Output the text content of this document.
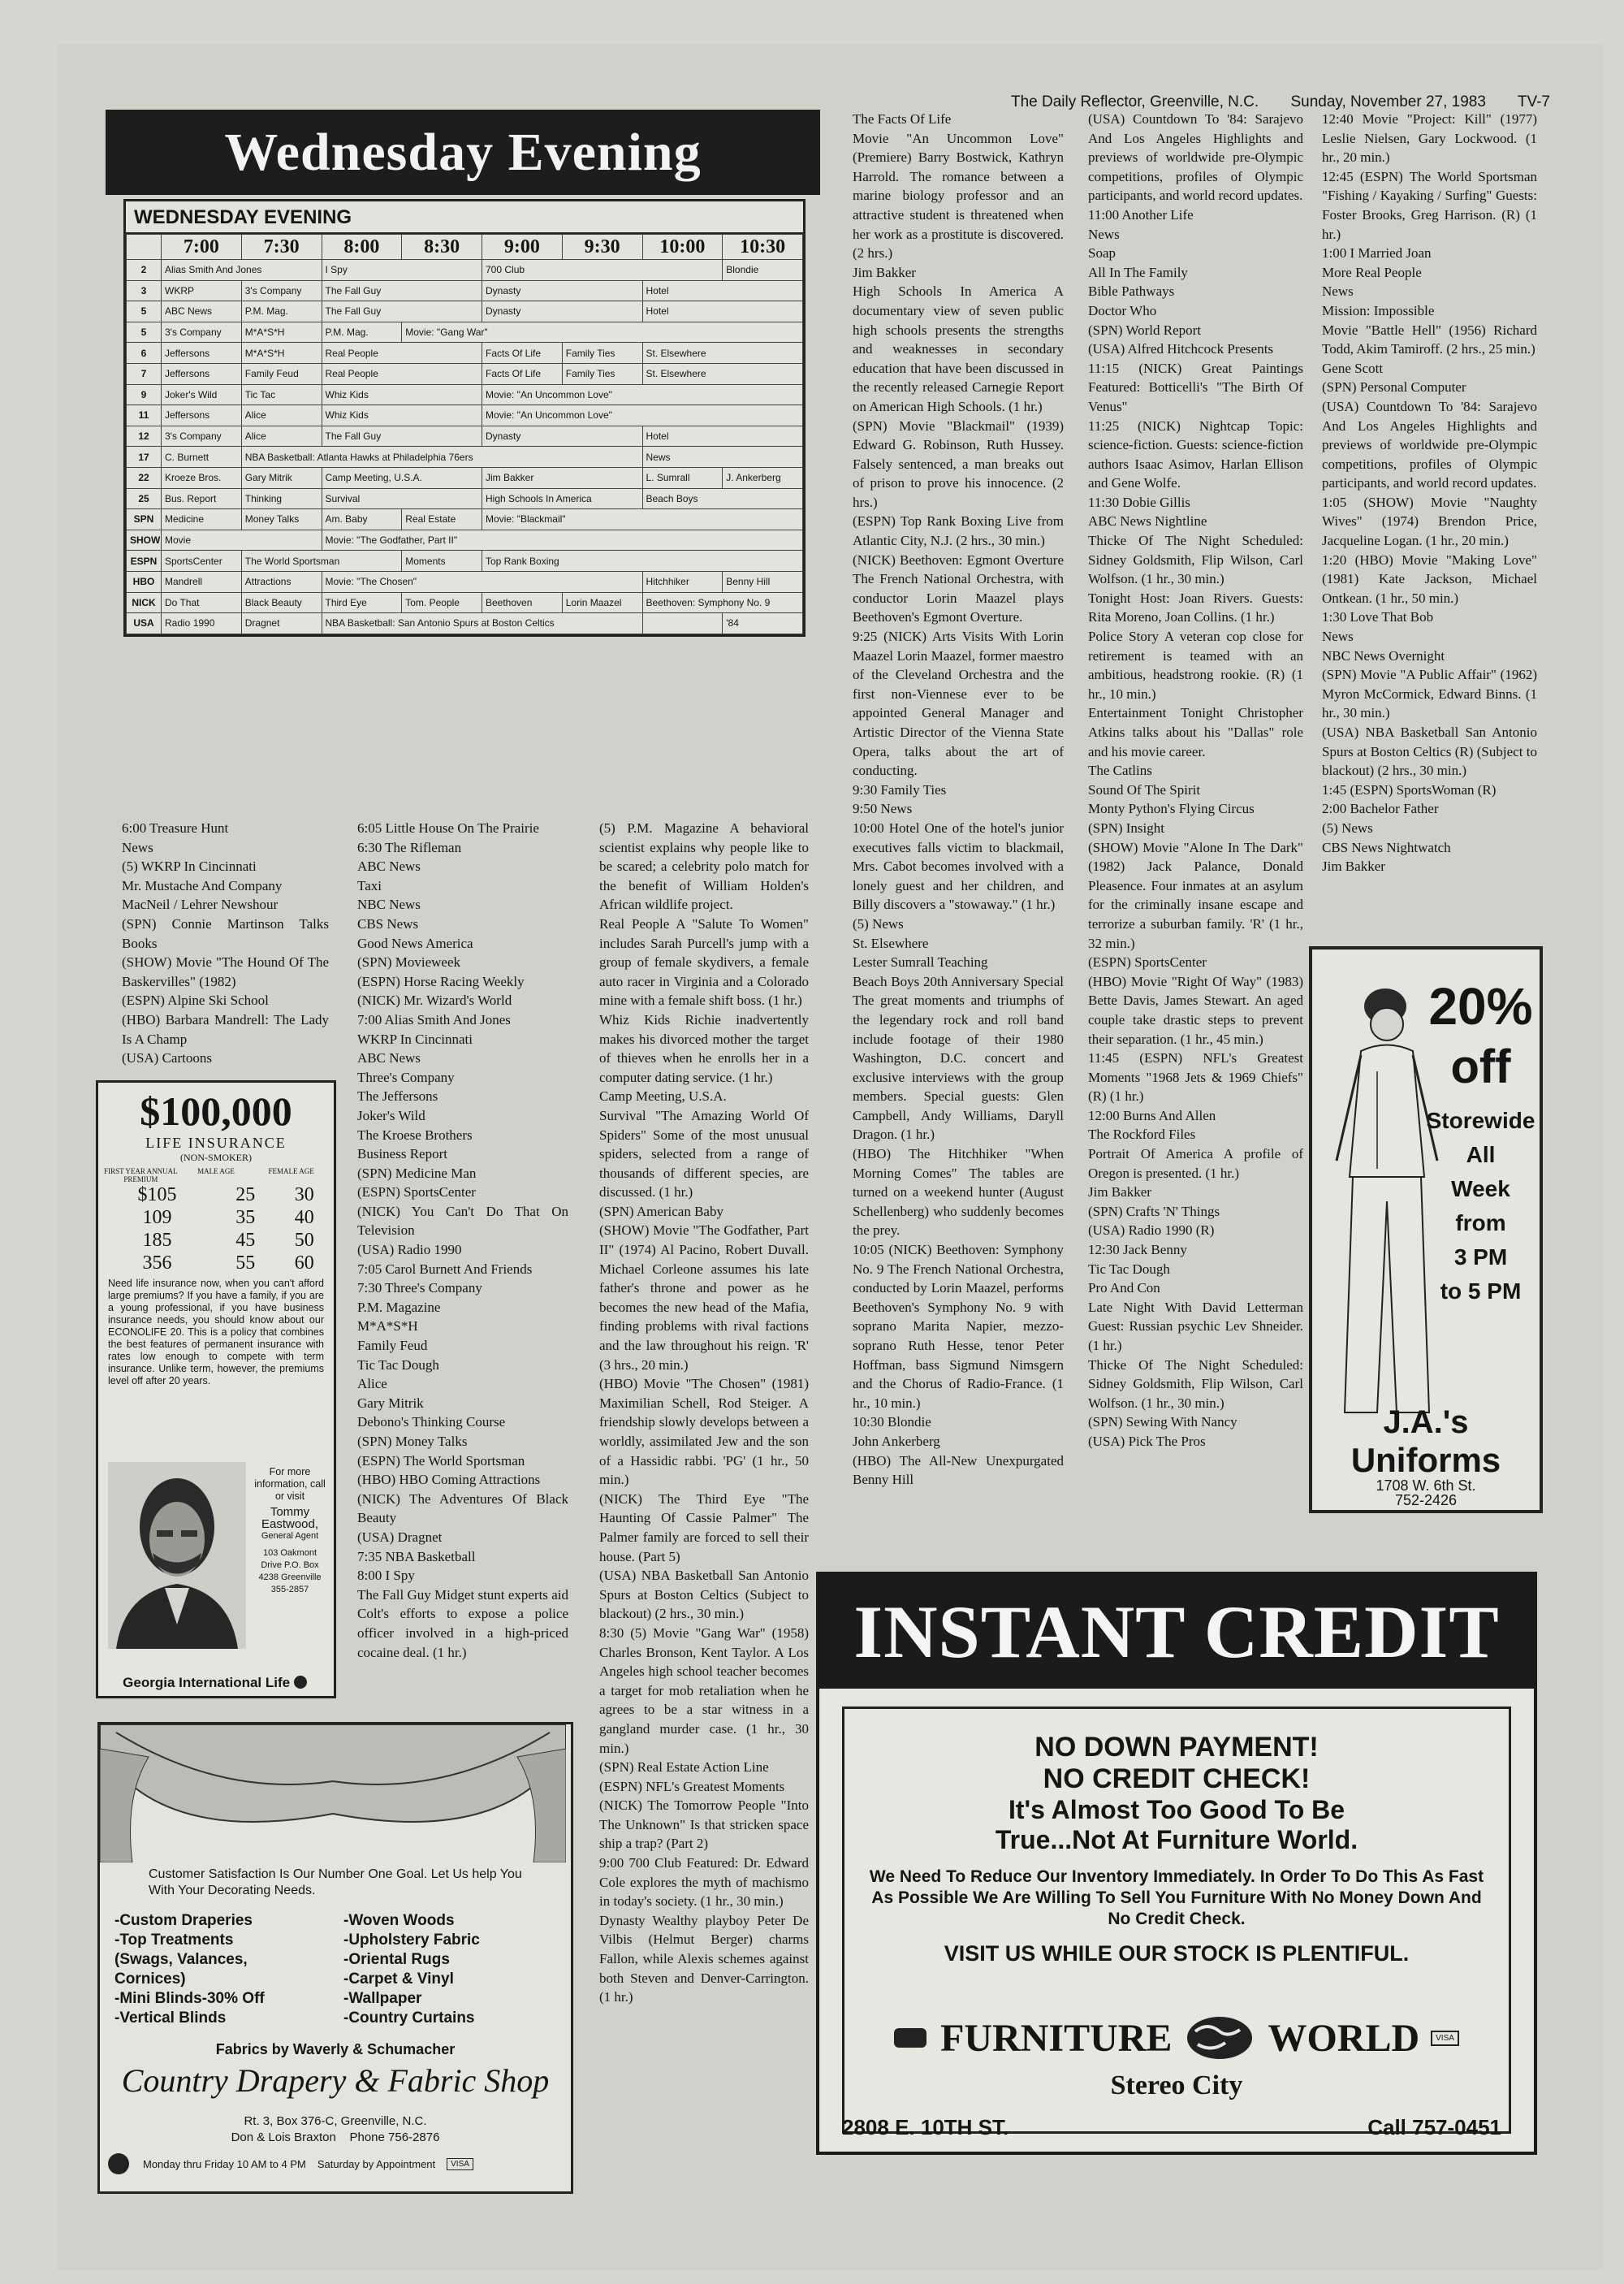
The Daily Reflector, Greenville, N.C. Sunday, November 27, 1983 TV-7
Wednesday Evening
WEDNESDAY EVENING
	7:00	7:30	8:00	8:30	9:00	9:30	10:00	10:30
2	Alias Smith And Jones		I Spy		700 Club			Blondie
3	WKRP	3's Company	The Fall Guy		Dynasty		Hotel	
5	ABC News	P.M. Mag.	The Fall Guy		Dynasty		Hotel	
5	3's Company	M*A*S*H	P.M. Mag.	Movie: "Gang War"				
6	Jeffersons	M*A*S*H	Real People		Facts Of Life	Family Ties	St. Elsewhere	
7	Jeffersons	Family Feud	Real People		Facts Of Life	Family Ties	St. Elsewhere	
9	Joker's Wild	Tic Tac	Whiz Kids		Movie: "An Uncommon Love"			
11	Jeffersons	Alice	Whiz Kids		Movie: "An Uncommon Love"			
12	3's Company	Alice	The Fall Guy		Dynasty		Hotel	
17	C. Burnett	NBA Basketball: Atlanta Hawks at Philadelphia 76ers					News	
22	Kroeze Bros.	Gary Mitrik	Camp Meeting, U.S.A.		Jim Bakker		L. Sumrall	J. Ankerberg
25	Bus. Report	Thinking	Survival		High Schools In America		Beach Boys	
SPN	Medicine	Money Talks	Am. Baby	Real Estate	Movie: "Blackmail"			
SHOW	Movie		Movie: "The Godfather, Part II"					
ESPN	SportsCenter	The World Sportsman		Moments	Top Rank Boxing			
HBO	Mandrell	Attractions	Movie: "The Chosen"				Hitchhiker	Benny Hill
NICK	Do That	Black Beauty	Third Eye	Tom. People	Beethoven	Lorin Maazel	Beethoven: Symphony No. 9	
USA	Radio 1990	Dragnet	NBA Basketball: San Antonio Spurs at Boston Celtics					'84

6:00 Treasure Hunt

News

(5) WKRP In Cincinnati

Mr. Mustache And Company

MacNeil / Lehrer Newshour

(SPN) Connie Martinson Talks Books

(SHOW) Movie "The Hound Of The Baskervilles" (1982)

(ESPN) Alpine Ski School

(HBO) Barbara Mandrell: The Lady Is A Champ

(USA) Cartoons

6:05 Little House On The Prairie

6:30 The Rifleman

ABC News

Taxi

NBC News

CBS News

Good News America

(SPN) Movieweek

(ESPN) Horse Racing Weekly

(NICK) Mr. Wizard's World

7:00 Alias Smith And Jones

WKRP In Cincinnati

ABC News

Three's Company

The Jeffersons

Joker's Wild

The Kroese Brothers

Business Report

(SPN) Medicine Man

(ESPN) SportsCenter

(NICK) You Can't Do That On Television

(USA) Radio 1990

7:05 Carol Burnett And Friends

7:30 Three's Company

P.M. Magazine

M*A*S*H

Family Feud

Tic Tac Dough

Alice

Gary Mitrik

Debono's Thinking Course

(SPN) Money Talks

(ESPN) The World Sportsman

(HBO) HBO Coming Attractions

(NICK) The Adventures Of Black Beauty

(USA) Dragnet

7:35 NBA Basketball

8:00 I Spy

The Fall Guy Midget stunt experts aid Colt's efforts to expose a police officer involved in a high-priced cocaine deal. (1 hr.)

(5) P.M. Magazine A behavioral scientist explains why people like to be scared; a celebrity polo match for the benefit of William Holden's African wildlife project.

Real People A "Salute To Women" includes Sarah Purcell's jump with a group of female skydivers, a female auto racer in Virginia and a Colorado mine with a female shift boss. (1 hr.)

Whiz Kids Richie inadvertently makes his divorced mother the target of thieves when he enrolls her in a computer dating service. (1 hr.)

Camp Meeting, U.S.A.

Survival "The Amazing World Of Spiders" Some of the most unusual spiders, selected from a range of thousands of different species, are discussed. (1 hr.)

(SPN) American Baby

(SHOW) Movie "The Godfather, Part II" (1974) Al Pacino, Robert Duvall. Michael Corleone assumes his late father's throne and power as he becomes the new head of the Mafia, finding problems with rival factions and the law throughout his reign. 'R' (3 hrs., 20 min.)

(HBO) Movie "The Chosen" (1981) Maximilian Schell, Rod Steiger. A friendship slowly develops between a worldly, assimilated Jew and the son of a Hassidic rabbi. 'PG' (1 hr., 50 min.)

(NICK) The Third Eye "The Haunting Of Cassie Palmer" The Palmer family are forced to sell their house. (Part 5)

(USA) NBA Basketball San Antonio Spurs at Boston Celtics (Subject to blackout) (2 hrs., 30 min.)

8:30 (5) Movie "Gang War" (1958) Charles Bronson, Kent Taylor. A Los Angeles high school teacher becomes a target for mob retaliation when he agrees to be a star witness in a gangland murder case. (1 hr., 30 min.)

(SPN) Real Estate Action Line

(ESPN) NFL's Greatest Moments

(NICK) The Tomorrow People "Into The Unknown" Is that stricken space ship a trap? (Part 2)

9:00 700 Club Featured: Dr. Edward Cole explores the myth of machismo in today's society. (1 hr., 30 min.)

Dynasty Wealthy playboy Peter De Vilbis (Helmut Berger) charms Fallon, while Alexis schemes against both Steven and Denver-Carrington. (1 hr.)

The Facts Of Life

Movie "An Uncommon Love" (Premiere) Barry Bostwick, Kathryn Harrold. The romance between a marine biology professor and an attractive student is threatened when her work as a prostitute is discovered. (2 hrs.)

Jim Bakker

High Schools In America A documentary view of seven public high schools presents the strengths and weaknesses in secondary education that have been discussed in the recently released Carnegie Report on American High Schools. (1 hr.)

(SPN) Movie "Blackmail" (1939) Edward G. Robinson, Ruth Hussey. Falsely sentenced, a man breaks out of prison to prove his innocence. (2 hrs.)

(ESPN) Top Rank Boxing Live from Atlantic City, N.J. (2 hrs., 30 min.)

(NICK) Beethoven: Egmont Overture The French National Orchestra, with conductor Lorin Maazel plays Beethoven's Egmont Overture.

9:25 (NICK) Arts Visits With Lorin Maazel Lorin Maazel, former maestro of the Cleveland Orchestra and the first non-Viennese ever to be appointed General Manager and Artistic Director of the Vienna State Opera, talks about the art of conducting.

9:30 Family Ties

9:50 News

10:00 Hotel One of the hotel's junior executives falls victim to blackmail, Mrs. Cabot becomes involved with a lonely guest and her children, and Billy discovers a "stowaway." (1 hr.)

(5) News

St. Elsewhere

Lester Sumrall Teaching

Beach Boys 20th Anniversary Special The great moments and triumphs of the legendary rock and roll band include footage of their 1980 Washington, D.C. concert and exclusive interviews with the group members. Special guests: Glen Campbell, Andy Williams, Daryll Dragon. (1 hr.)

(HBO) The Hitchhiker "When Morning Comes" The tables are turned on a weekend hunter (August Schellenberg) who suddenly becomes the prey.

10:05 (NICK) Beethoven: Symphony No. 9 The French National Orchestra, conducted by Lorin Maazel, performs Beethoven's Symphony No. 9 with soprano Marita Napier, mezzo-soprano Ruth Hesse, tenor Peter Hoffman, bass Sigmund Nimsgern and the Chorus of Radio-France. (1 hr., 10 min.)

10:30 Blondie

John Ankerberg

(HBO) The All-New Unexpurgated Benny Hill

(USA) Countdown To '84: Sarajevo And Los Angeles Highlights and previews of worldwide pre-Olympic competitions, profiles of Olympic participants, and world record updates.

11:00 Another Life

News

Soap

All In The Family

Bible Pathways

Doctor Who

(SPN) World Report

(USA) Alfred Hitchcock Presents

11:15 (NICK) Great Paintings Featured: Botticelli's "The Birth Of Venus"

11:25 (NICK) Nightcap Topic: science-fiction. Guests: science-fiction authors Isaac Asimov, Harlan Ellison and Gene Wolfe.

11:30 Dobie Gillis

ABC News Nightline

Thicke Of The Night Scheduled: Sidney Goldsmith, Flip Wilson, Carl Wolfson. (1 hr., 30 min.)

Tonight Host: Joan Rivers. Guests: Rita Moreno, Joan Collins. (1 hr.)

Police Story A veteran cop close for retirement is teamed with an ambitious, headstrong rookie. (R) (1 hr., 10 min.)

Entertainment Tonight Christopher Atkins talks about his "Dallas" role and his movie career.

The Catlins

Sound Of The Spirit

Monty Python's Flying Circus

(SPN) Insight

(SHOW) Movie "Alone In The Dark" (1982) Jack Palance, Donald Pleasence. Four inmates at an asylum for the criminally insane escape and terrorize a suburban family. 'R' (1 hr., 32 min.)

(ESPN) SportsCenter

(HBO) Movie "Right Of Way" (1983) Bette Davis, James Stewart. An aged couple take drastic steps to prevent their separation. (1 hr., 45 min.)

11:45 (ESPN) NFL's Greatest Moments "1968 Jets & 1969 Chiefs" (R) (1 hr.)

12:00 Burns And Allen

The Rockford Files

Portrait Of America A profile of Oregon is presented. (1 hr.)

Jim Bakker

(SPN) Crafts 'N' Things

(USA) Radio 1990 (R)

12:30 Jack Benny

Tic Tac Dough

Pro And Con

Late Night With David Letterman Guest: Russian psychic Lev Shneider. (1 hr.)

Thicke Of The Night Scheduled: Sidney Goldsmith, Flip Wilson, Carl Wolfson. (1 hr., 30 min.)

(SPN) Sewing With Nancy

(USA) Pick The Pros

12:40 Movie "Project: Kill" (1977) Leslie Nielsen, Gary Lockwood. (1 hr., 20 min.)

12:45 (ESPN) The World Sportsman "Fishing / Kayaking / Surfing" Guests: Foster Brooks, Greg Harrison. (R) (1 hr.)

1:00 I Married Joan

More Real People

News

Mission: Impossible

Movie "Battle Hell" (1956) Richard Todd, Akim Tamiroff. (2 hrs., 25 min.)

Gene Scott

(SPN) Personal Computer

(USA) Countdown To '84: Sarajevo And Los Angeles Highlights and previews of worldwide pre-Olympic competitions, profiles of Olympic participants, and world record updates.

1:05 (SHOW) Movie "Naughty Wives" (1974) Brendon Price, Jacqueline Logan. (1 hr., 20 min.)

1:20 (HBO) Movie "Making Love" (1981) Kate Jackson, Michael Ontkean. (1 hr., 50 min.)

1:30 Love That Bob

News

NBC News Overnight

(SPN) Movie "A Public Affair" (1962) Myron McCormick, Edward Binns. (1 hr., 30 min.)

(USA) NBA Basketball San Antonio Spurs at Boston Celtics (R) (Subject to blackout) (2 hrs., 30 min.)

1:45 (ESPN) SportsWoman (R)

2:00 Bachelor Father

(5) News

CBS News Nightwatch

Jim Bakker

$100,000
LIFE INSURANCE
(NON-SMOKER)
FIRST YEAR ANNUAL PREMIUM
MALE AGE	FEMALE AGE
$105	25	30
109	35	40
185	45	50
356	55	60
Need life insurance now, when you can't afford large premiums? If you have a family, if you are a young professional, if you have business insurance needs, you should know about our ECONOLIFE 20. This is a policy that combines the best features of permanent insurance with rates low enough to compete with term insurance. Unlike term, however, the premiums level off after 20 years.
For more information, call or visit
Tommy Eastwood,
General Agent
103 Oakmont Drive P.O. Box 4238 Greenville 355-2857
Georgia International Life
Customer Satisfaction Is Our Number One Goal. Let Us help You With Your Decorating Needs.
-Custom Draperies
-Top Treatments
(Swags, Valances,
Cornices)
-Mini Blinds-30% Off
-Vertical Blinds
-Woven Woods
-Upholstery Fabric
-Oriental Rugs
-Carpet & Vinyl
-Wallpaper
-Country Curtains
Fabrics by Waverly & Schumacher
Country Drapery & Fabric Shop
Rt. 3, Box 376-C, Greenville, N.C.
Don & Lois Braxton Phone 756-2876
Monday thru Friday 10 AM to 4 PM Saturday by Appointment	VISA
20%
off
Storewide
All
Week
from
3 PM
to 5 PM
J.A.'s
Uniforms
1708 W. 6th St.
752-2426
INSTANT CREDIT
NO DOWN PAYMENT!
NO CREDIT CHECK!
It's Almost Too Good To Be
True...Not At Furniture World.
We Need To Reduce Our Inventory Immediately. In Order To Do This As Fast As Possible We Are Willing To Sell You Furniture With No Money Down And No Credit Check.
VISIT US WHILE OUR STOCK IS PLENTIFUL.
FURNITURE WORLD	VISA
Stereo City
2808 E. 10TH ST.	Call 757-0451
